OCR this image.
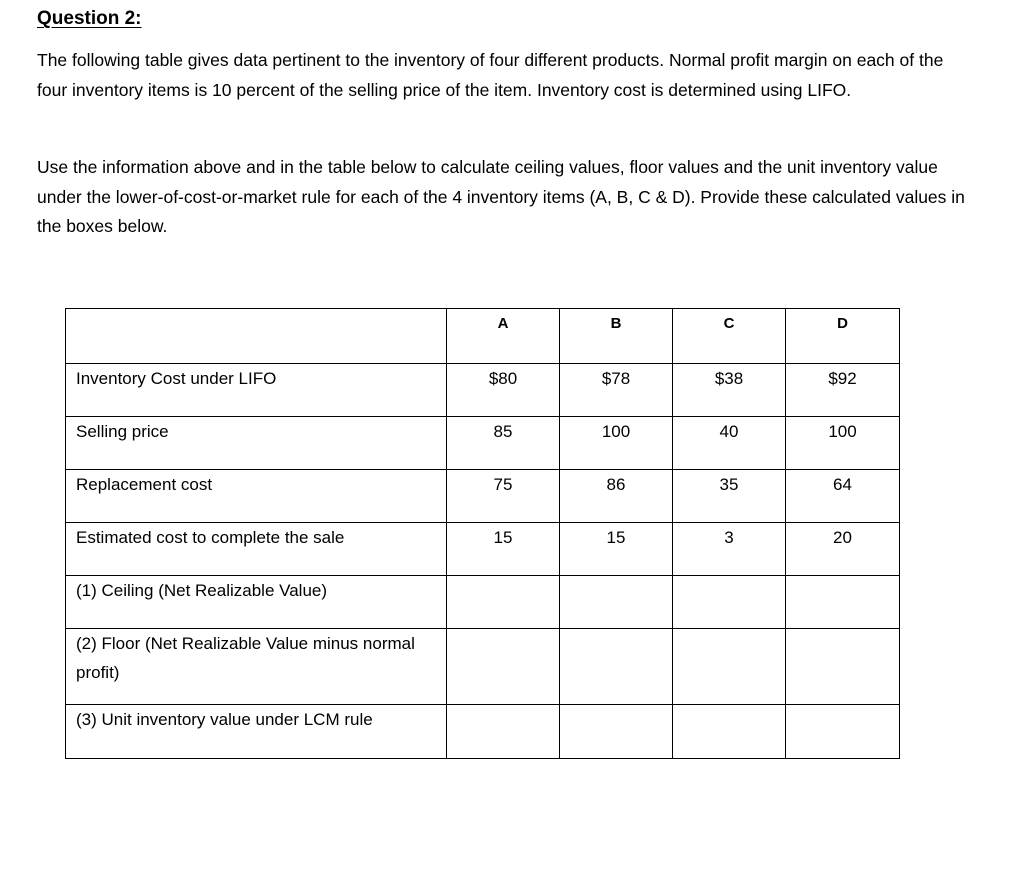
Question 2:
The following table gives data pertinent to the inventory of four different products. Normal profit margin on each of the four inventory items is 10 percent of the selling price of the item. Inventory cost is determined using LIFO.
Use the information above and in the table below to calculate ceiling values, floor values and the unit inventory value under the lower-of-cost-or-market rule for each of the 4 inventory items (A, B, C & D). Provide these calculated values in the boxes below.
	A	B	C	D
Inventory Cost under LIFO	$80	$78	$38	$92
Selling price	85	100	40	100
Replacement cost	75	86	35	64
Estimated cost to complete the sale	15	15	3	20
(1) Ceiling (Net Realizable Value)				
(2) Floor (Net Realizable Value minus normal profit)				
(3) Unit inventory value under LCM rule				
